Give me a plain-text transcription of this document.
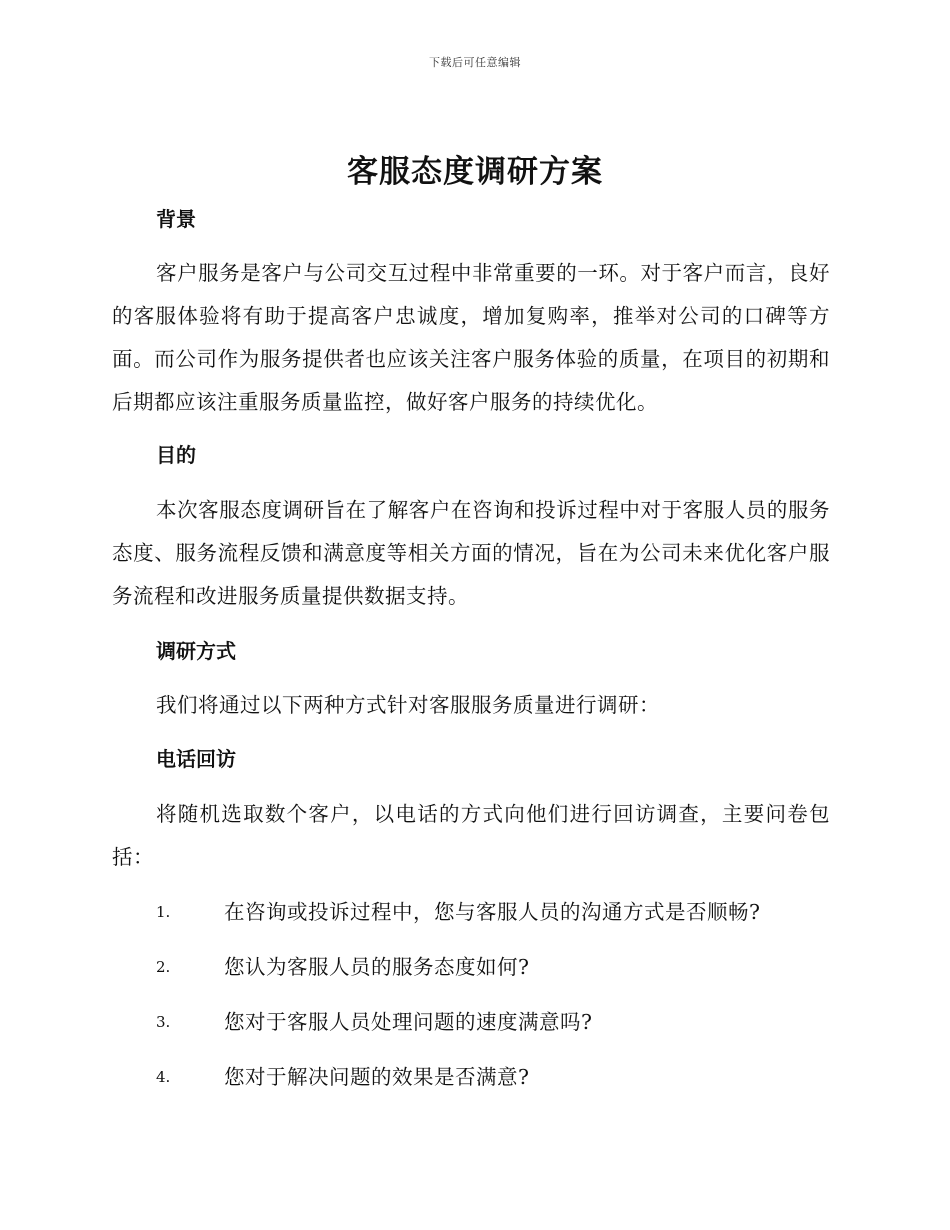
下载后可任意编辑
客服态度调研方案
背景
客户服务是客户与公司交互过程中非常重要的一环。对于客户而言，良好的客服体验将有助于提高客户忠诚度，增加复购率，推举对公司的口碑等方面。而公司作为服务提供者也应该关注客户服务体验的质量，在项目的初期和后期都应该注重服务质量监控，做好客户服务的持续优化。
目的
本次客服态度调研旨在了解客户在咨询和投诉过程中对于客服人员的服务态度、服务流程反馈和满意度等相关方面的情况，旨在为公司未来优化客户服务流程和改进服务质量提供数据支持。
调研方式
我们将通过以下两种方式针对客服服务质量进行调研：
电话回访
将随机选取数个客户，以电话的方式向他们进行回访调查，主要问卷包括：
1.	在咨询或投诉过程中，您与客服人员的沟通方式是否顺畅?
2.	您认为客服人员的服务态度如何?
3.	您对于客服人员处理问题的速度满意吗?
4.	您对于解决问题的效果是否满意?
